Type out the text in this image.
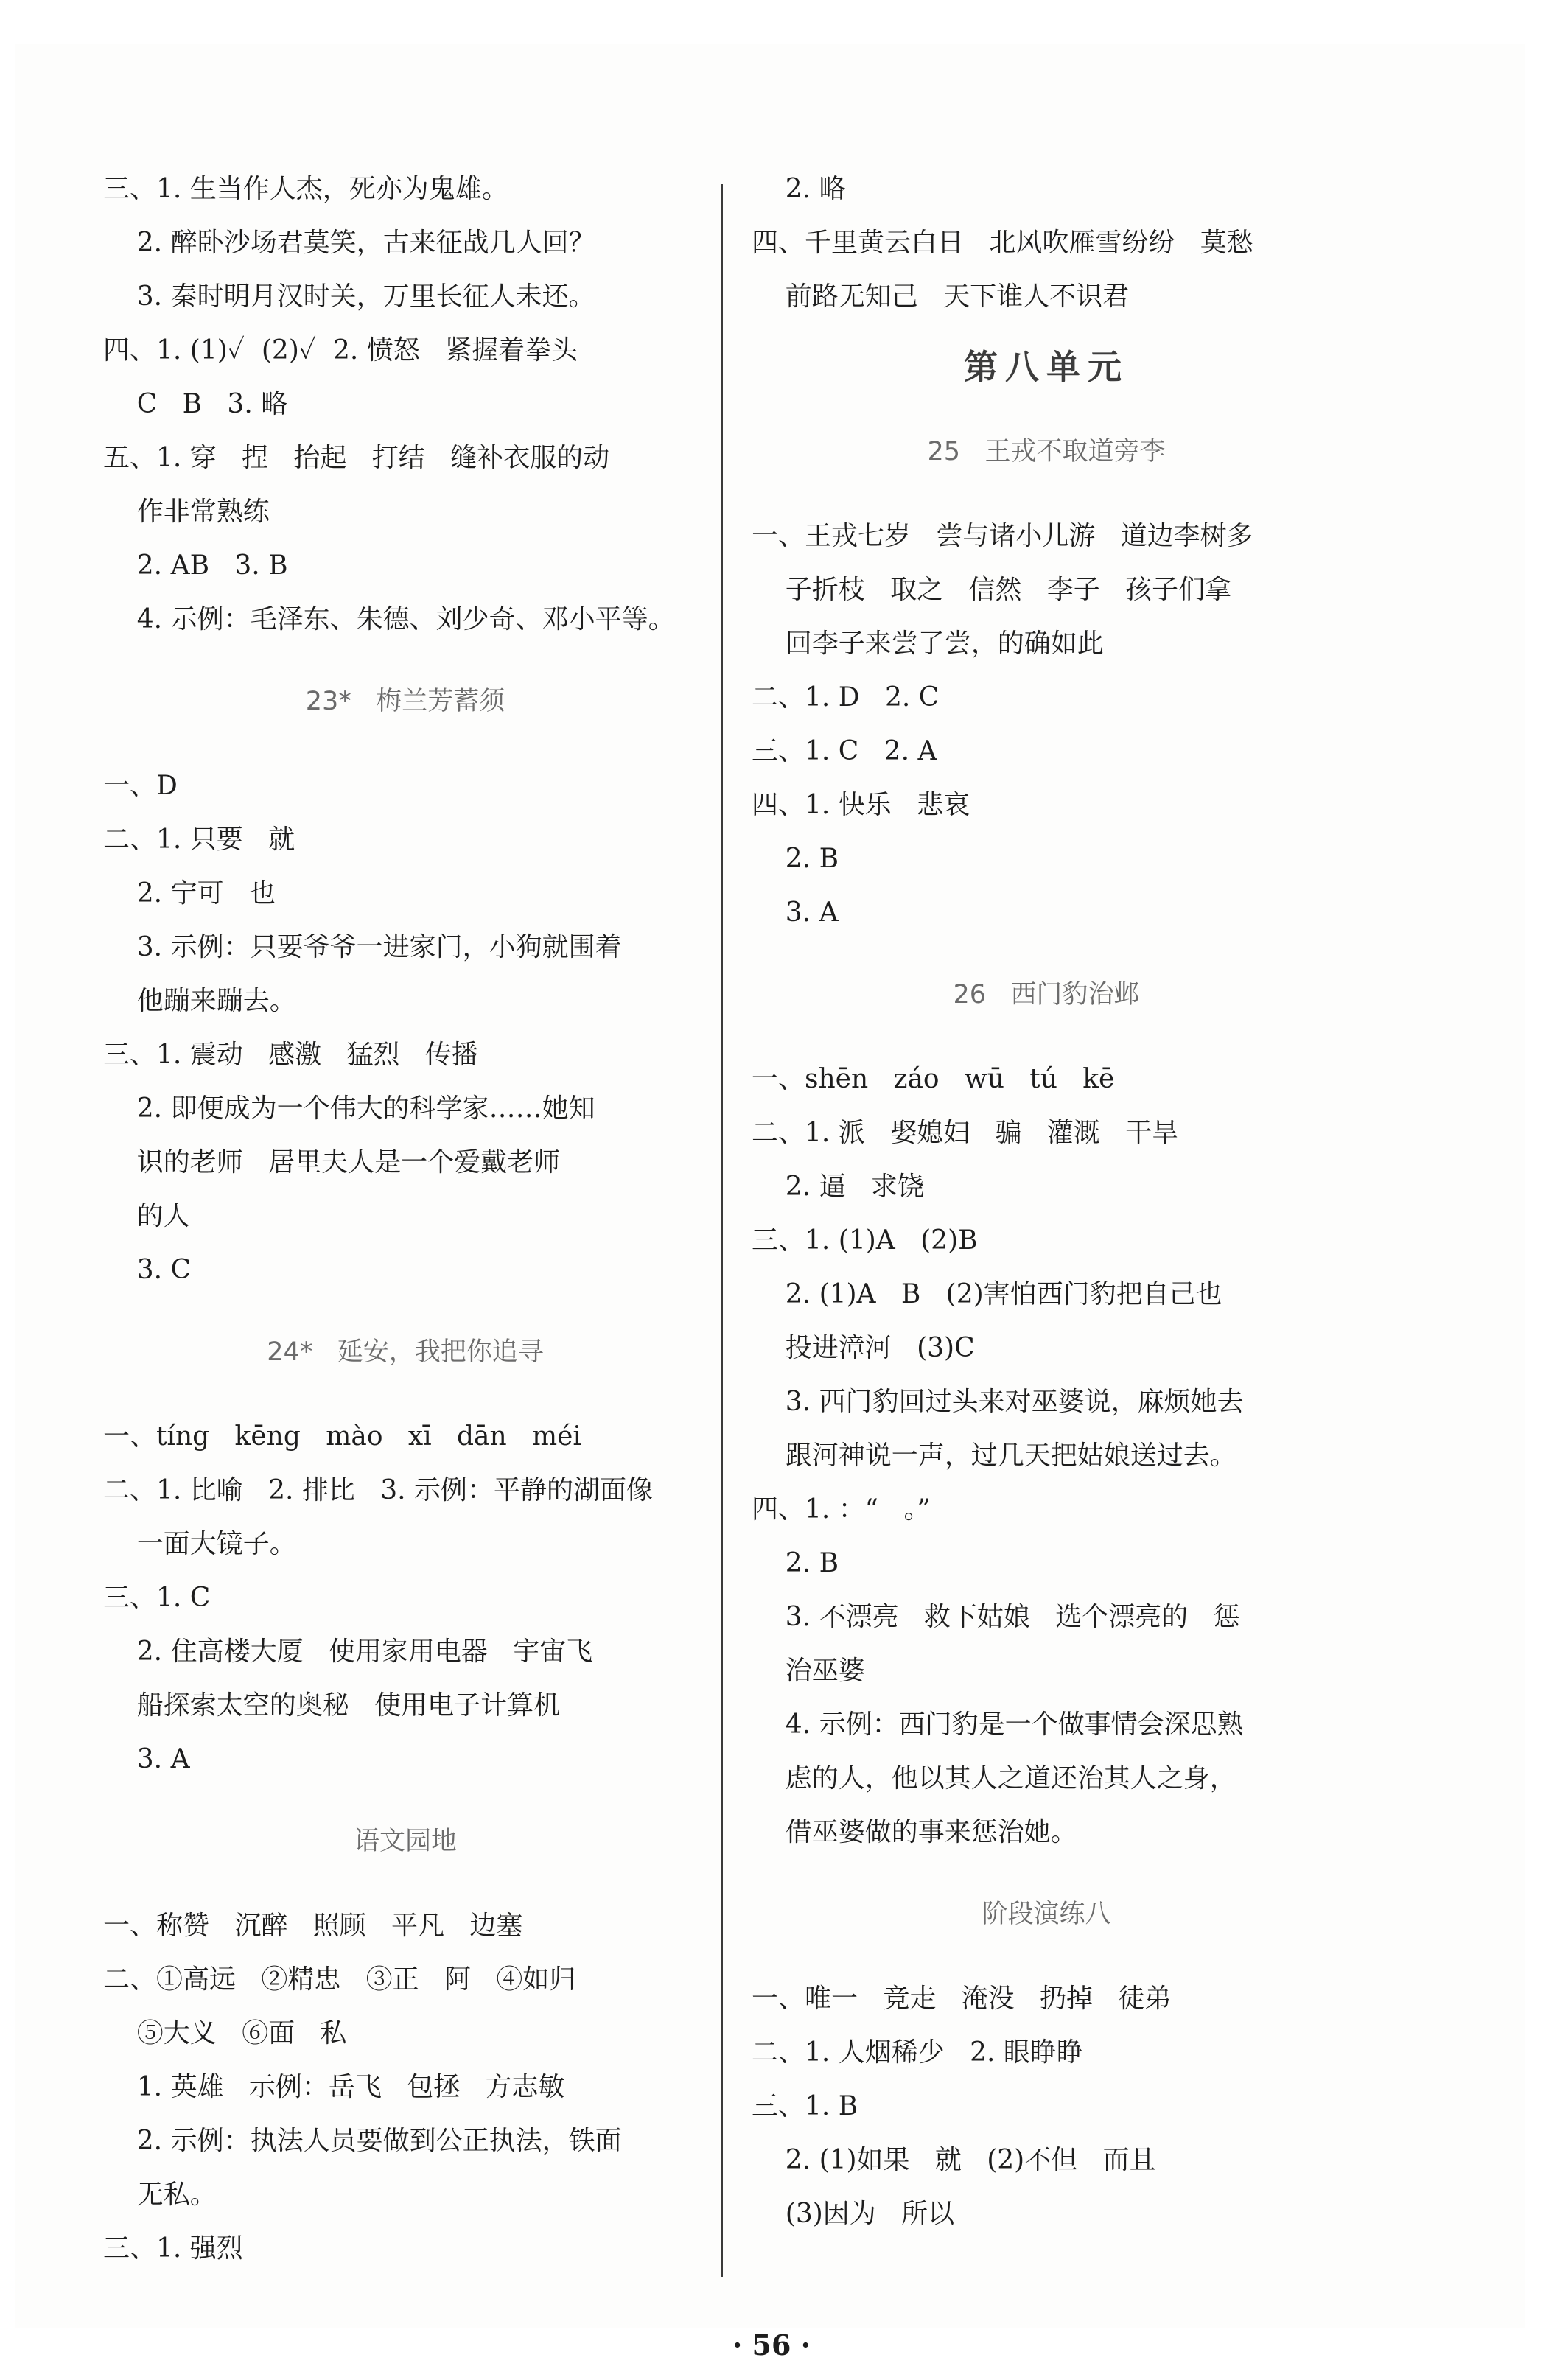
三、1. 生当作人杰，死亦为鬼雄。
2. 醉卧沙场君莫笑，古来征战几人回？
3. 秦时明月汉时关，万里长征人未还。
四、1. (1)✓  (2)✓  2. 愤怒   紧握着拳头
C   B   3. 略
五、1. 穿   捏   抬起   打结   缝补衣服的动
作非常熟练
2. AB   3. B
4. 示例：毛泽东、朱德、刘少奇、邓小平等。
23*   梅兰芳蓄须
一、D
二、1. 只要   就
2. 宁可   也
3. 示例：只要爷爷一进家门，小狗就围着
他蹦来蹦去。
三、1. 震动   感激   猛烈   传播
2. 即便成为一个伟大的科学家……她知
识的老师   居里夫人是一个爱戴老师
的人
3. C
24*   延安，我把你追寻
一、tíng   kēng   mào   xī   dān   méi
二、1. 比喻   2. 排比   3. 示例：平静的湖面像
一面大镜子。
三、1. C
2. 住高楼大厦   使用家用电器   宇宙飞
船探索太空的奥秘   使用电子计算机
3. A
语文园地
一、称赞   沉醉   照顾   平凡   边塞
二、①高远   ②精忠   ③正   阿   ④如归
⑤大义   ⑥面   私
1. 英雄   示例：岳飞   包拯   方志敏
2. 示例：执法人员要做到公正执法，铁面
无私。
三、1. 强烈
2. 略
四、千里黄云白日   北风吹雁雪纷纷   莫愁
前路无知己   天下谁人不识君
第八单元
25   王戎不取道旁李
一、王戎七岁   尝与诸小儿游   道边李树多
子折枝   取之   信然   李子   孩子们拿
回李子来尝了尝，的确如此
二、1. D   2. C
三、1. C   2. A
四、1. 快乐   悲哀
2. B
3. A
26   西门豹治邺
一、shēn   záo   wū   tú   kē
二、1. 派   娶媳妇   骗   灌溉   干旱
2. 逼   求饶
三、1. (1)A   (2)B
2. (1)A   B   (2)害怕西门豹把自己也
投进漳河   (3)C
3. 西门豹回过头来对巫婆说，麻烦她去
跟河神说一声，过几天把姑娘送过去。
四、1. ：“   。”
2. B
3. 不漂亮   救下姑娘   选个漂亮的   惩
治巫婆
4. 示例：西门豹是一个做事情会深思熟
虑的人，他以其人之道还治其人之身，
借巫婆做的事来惩治她。
阶段演练八
一、唯一   竞走   淹没   扔掉   徒弟
二、1. 人烟稀少   2. 眼睁睁
三、1. B
2. (1)如果   就   (2)不但   而且
(3)因为   所以
· 56 ·
